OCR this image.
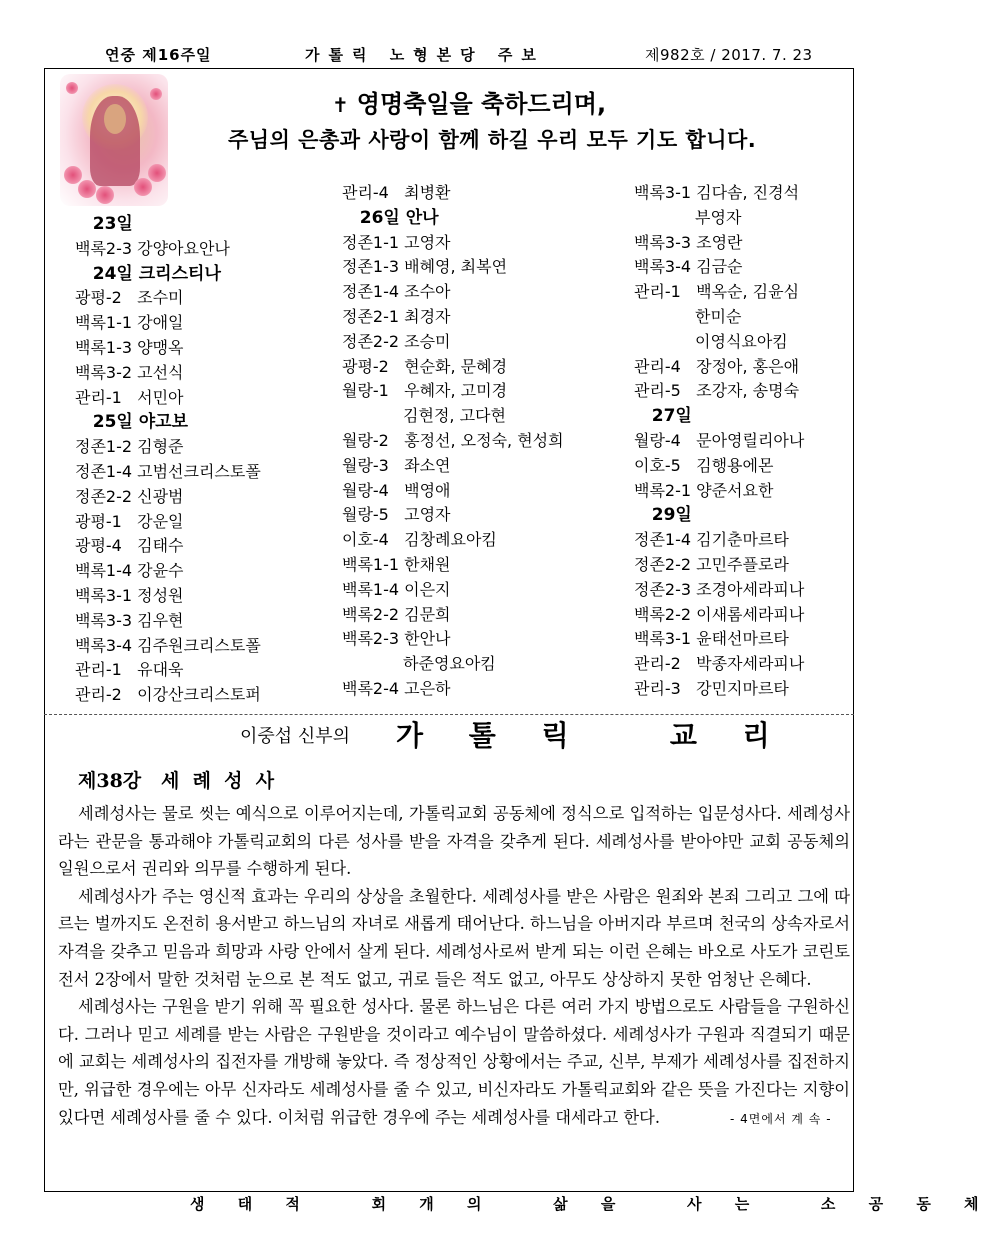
연중 제16주일	가톨릭 노형본당 주보	제982호 / 2017. 7. 23
✝ 영명축일을 축하드리며,
주님의 은총과 사랑이 함께 하길 우리 모두 기도 합니다.
23일
백록2-3 강양아요안나
24일 크리스티나
광평-2   조수미
백록1-1 강애일
백록1-3 양맹옥
백록3-2 고선식
관리-1   서민아
25일 야고보
정존1-2 김형준
정존1-4 고범선크리스토폴
정존2-2 신광범
광평-1   강운일
광평-4   김태수
백록1-4 강윤수
백록3-1 정성원
백록3-3 김우현
백록3-4 김주원크리스토폴
관리-1   유대욱
관리-2   이강산크리스토퍼
관리-4   최병환
26일 안나
정존1-1 고영자
정존1-3 배혜영, 최복연
정존1-4 조수아
정존2-1 최경자
정존2-2 조승미
광평-2   현순화, 문혜경
월랑-1   우혜자, 고미경
김현정, 고다현
월랑-2   홍정선, 오정숙, 현성희
월랑-3   좌소연
월랑-4   백영애
월랑-5   고영자
이호-4   김창례요아킴
백록1-1 한채원
백록1-4 이은지
백록2-2 김문희
백록2-3 한안나
하준영요아킴
백록2-4 고은하
백록3-1 김다솜, 진경석
부영자
백록3-3 조영란
백록3-4 김금순
관리-1   백옥순, 김윤심
한미순
이영식요아킴
관리-4   장정아, 홍은애
관리-5   조강자, 송명숙
27일
월랑-4   문아영릴리아나
이호-5   김행용에몬
백록2-1 양준서요한
29일
정존1-4 김기춘마르타
정존2-2 고민주플로라
정존2-3 조경아세라피나
백록2-2 이새롬세라피나
백록3-1 윤태선마르타
관리-2   박종자세라피나
관리-3   강민지마르타
이중섭 신부의 가 톨 릭   교 리
제38강   세  례  성  사

세례성사는 물로 씻는 예식으로 이루어지는데, 가톨릭교회 공동체에 정식으로 입적하는 입문성사다. 세례성사라는 관문을 통과해야 가톨릭교회의 다른 성사를 받을 자격을 갖추게 된다. 세례성사를 받아야만 교회 공동체의 일원으로서 권리와 의무를 수행하게 된다.

세례성사가 주는 영신적 효과는 우리의 상상을 초월한다. 세례성사를 받은 사람은 원죄와 본죄 그리고 그에 따르는 벌까지도 온전히 용서받고 하느님의 자녀로 새롭게 태어난다. 하느님을 아버지라 부르며 천국의 상속자로서 자격을 갖추고 믿음과 희망과 사랑 안에서 살게 된다. 세례성사로써 받게 되는 이런 은혜는 바오로 사도가 코린토 전서 2장에서 말한 것처럼 눈으로 본 적도 없고, 귀로 들은 적도 없고, 아무도 상상하지 못한 엄청난 은혜다.

세례성사는 구원을 받기 위해 꼭 필요한 성사다. 물론 하느님은 다른 여러 가지 방법으로도 사람들을 구원하신다. 그러나 믿고 세례를 받는 사람은 구원받을 것이라고 예수님이 말씀하셨다. 세례성사가 구원과 직결되기 때문에 교회는 세례성사의 집전자를 개방해 놓았다. 즉 정상적인 상황에서는 주교, 신부, 부제가 세례성사를 집전하지만, 위급한 경우에는 아무 신자라도 세례성사를 줄 수 있고, 비신자라도 가톨릭교회와 같은 뜻을 가진다는 지향이 있다면 세례성사를 줄 수 있다. 이처럼 위급한 경우에 주는 세례성사를 대세라고 한다.	- 4면에서 계 속 -

생 태 적   회 개 의   삶 을   사 는   소 공 동 체
